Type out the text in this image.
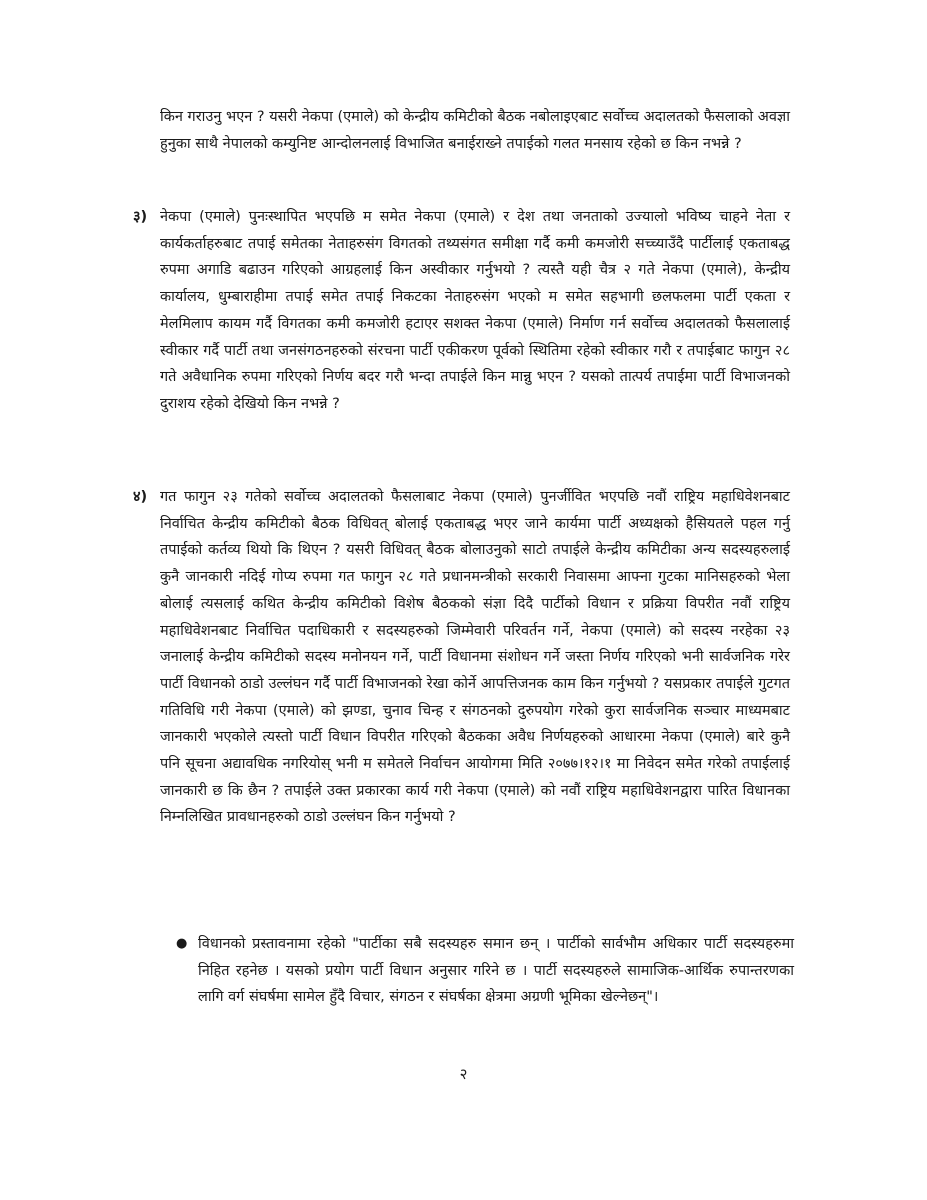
किन गराउनु भएन ? यसरी नेकपा (एमाले) को केन्द्रीय कमिटीको बैठक नबोलाइएबाट सर्वोच्च अदालतको फैसलाको अवज्ञा हुनुका साथै नेपालको कम्युनिष्ट आन्दोलनलाई विभाजित बनाईराख्ने तपाईको गलत मनसाय रहेको छ किन नभन्ने ?

३) नेकपा (एमाले) पुनःस्थापित भएपछि म समेत नेकपा (एमाले) र देश तथा जनताको उज्यालो भविष्य चाहने नेता र कार्यकर्ताहरुबाट तपाई समेतका नेताहरुसंग विगतको तथ्यसंगत समीक्षा गर्दै कमी कमजोरी सच्च्याउँदै पार्टीलाई एकताबद्ध रुपमा अगाडि बढाउन गरिएको आग्रहलाई किन अस्वीकार गर्नुभयो ? त्यस्तै यही चैत्र २ गते नेकपा (एमाले), केन्द्रीय कार्यालय, धुम्बाराहीमा तपाई समेत तपाई निकटका नेताहरुसंग भएको म समेत सहभागी छलफलमा पार्टी एकता र मेलमिलाप कायम गर्दै विगतका कमी कमजोरी हटाएर सशक्त नेकपा (एमाले) निर्माण गर्न सर्वोच्च अदालतको फैसलालाई स्वीकार गर्दै पार्टी तथा जनसंगठनहरुको संरचना पार्टी एकीकरण पूर्वको स्थितिमा रहेको स्वीकार गरौ र तपाईबाट फागुन २८ गते अवैधानिक रुपमा गरिएको निर्णय बदर गरौ भन्दा तपाईले किन मान्नु भएन ? यसको तात्पर्य तपाईमा पार्टी विभाजनको दुराशय रहेको देखियो किन नभन्ने ?

४) गत फागुन २३ गतेको सर्वोच्च अदालतको फैसलाबाट नेकपा (एमाले) पुनर्जीवित भएपछि नवौं राष्ट्रिय महाधिवेशनबाट निर्वाचित केन्द्रीय कमिटीको बैठक विधिवत् बोलाई एकताबद्ध भएर जाने कार्यमा पार्टी अध्यक्षको हैसियतले पहल गर्नु तपाईको कर्तव्य थियो कि थिएन ? यसरी विधिवत् बैठक बोलाउनुको साटो तपाईले केन्द्रीय कमिटीका अन्य सदस्यहरुलाई कुनै जानकारी नदिई गोप्य रुपमा गत फागुन २८ गते प्रधानमन्त्रीको सरकारी निवासमा आफ्ना गुटका मानिसहरुको भेला बोलाई त्यसलाई कथित केन्द्रीय कमिटीको विशेष बैठकको संज्ञा दिदै पार्टीको विधान र प्रक्रिया विपरीत नवौं राष्ट्रिय महाधिवेशनबाट निर्वाचित पदाधिकारी र सदस्यहरुको जिम्मेवारी परिवर्तन गर्ने, नेकपा (एमाले) को सदस्य नरहेका २३ जनालाई केन्द्रीय कमिटीको सदस्य मनोनयन गर्ने, पार्टी विधानमा संशोधन गर्ने जस्ता निर्णय गरिएको भनी सार्वजनिक गरेर पार्टी विधानको ठाडो उल्लंघन गर्दै पार्टी विभाजनको रेखा कोर्ने आपत्तिजनक काम किन गर्नुभयो ? यसप्रकार तपाईले गुटगत गतिविधि गरी नेकपा (एमाले) को झण्डा, चुनाव चिन्ह र संगठनको दुरुपयोग गरेको कुरा सार्वजनिक सञ्चार माध्यमबाट जानकारी भएकोले त्यस्तो पार्टी विधान विपरीत गरिएको बैठकका अवैध निर्णयहरुको आधारमा नेकपा (एमाले) बारे कुनै पनि सूचना अद्यावधिक नगरियोस् भनी म समेतले निर्वाचन आयोगमा मिति २०७७।१२।१ मा निवेदन समेत गरेको तपाईलाई जानकारी छ कि छैन ? तपाईले उक्त प्रकारका कार्य गरी नेकपा (एमाले) को नवौं राष्ट्रिय महाधिवेशनद्वारा पारित विधानका निम्नलिखित प्रावधानहरुको ठाडो उल्लंघन किन गर्नुभयो ?

● विधानको प्रस्तावनामा रहेको "पार्टीका सबै सदस्यहरु समान छन् । पार्टीको सार्वभौम अधिकार पार्टी सदस्यहरुमा निहित रहनेछ । यसको प्रयोग पार्टी विधान अनुसार गरिने छ । पार्टी सदस्यहरुले सामाजिक-आर्थिक रुपान्तरणका लागि वर्ग संघर्षमा सामेल हुँदै विचार, संगठन र संघर्षका क्षेत्रमा अग्रणी भूमिका खेल्नेछन्"।

२
